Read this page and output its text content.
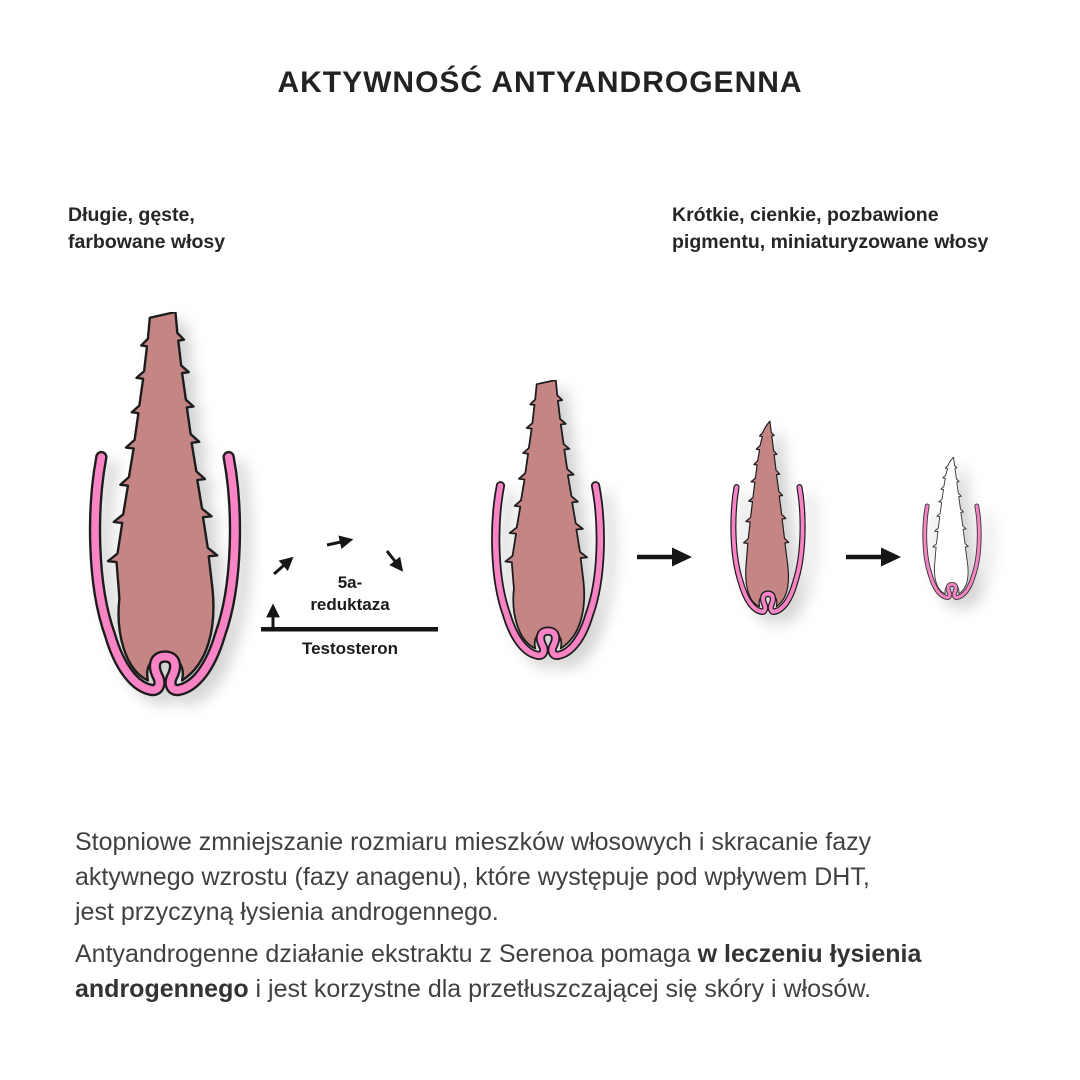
AKTYWNOŚĆ ANTYANDROGENNA
Długie, gęste,
farbowane włosy
Krótkie, cienkie, pozbawione
pigmentu, miniaturyzowane włosy
5a-
reduktaza
Testosteron
Stopniowe zmniejszanie rozmiaru mieszków włosowych i skracanie fazy
aktywnego wzrostu (fazy anagenu), które występuje pod wpływem DHT,
jest przyczyną łysienia androgennego.
Antyandrogenne działanie ekstraktu z Serenoa pomaga w leczeniu łysienia
androgennego i jest korzystne dla przetłuszczającej się skóry i włosów.
